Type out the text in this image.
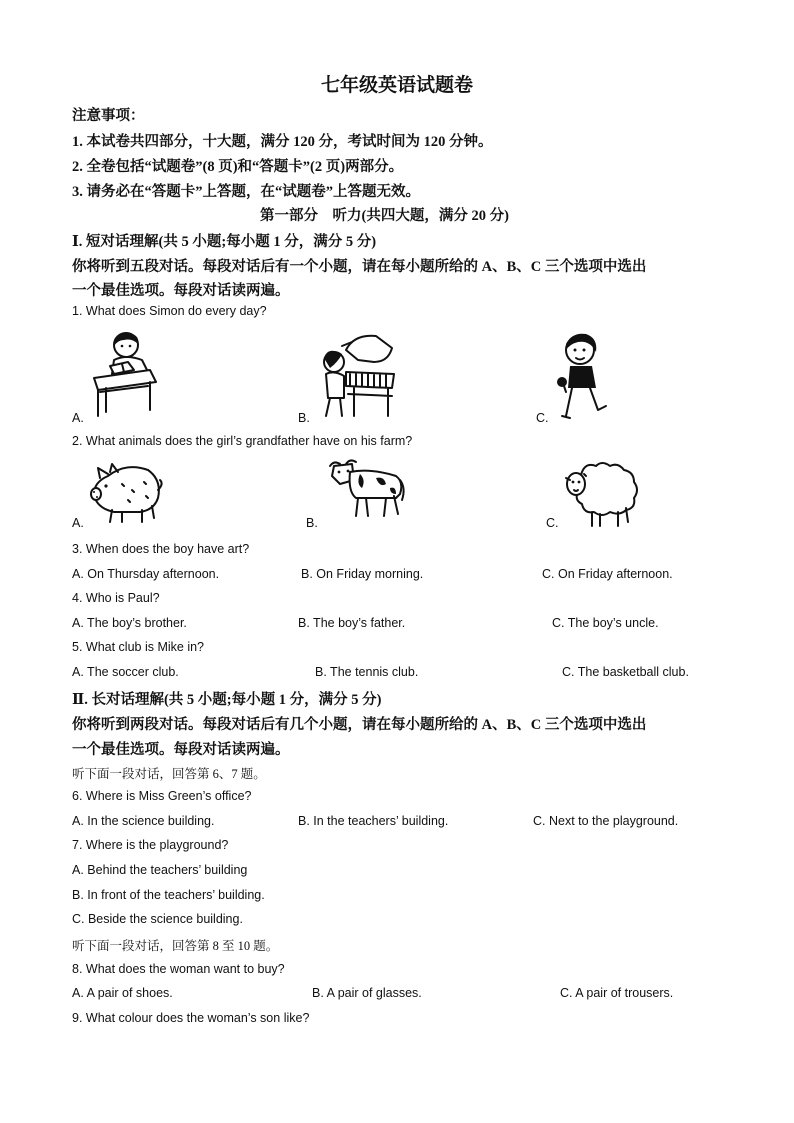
七年级英语试题卷
注意事项：
1. 本试卷共四部分，十大题，满分 120 分，考试时间为 120 分钟。
2. 全卷包括“试题卷”(8 页)和“答题卡”(2 页)两部分。
3. 请务必在“答题卡”上答题，在“试题卷”上答题无效。
第一部分　听力(共四大题，满分 20 分)
Ⅰ. 短对话理解(共 5 小题;每小题 1 分，满分 5 分)
你将听到五段对话。每段对话后有一个小题，请在每小题所给的 A、B、C 三个选项中选出
一个最佳选项。每段对话读两遍。
1. What does Simon do every day?
A.	B.	C.
2. What animals does the girl’s grandfather have on his farm?
A.	B.	C.
3. When does the boy have art?
A. On Thursday afternoon.	B. On Friday morning.	C. On Friday afternoon.
4. Who is Paul?
A. The boy’s brother.	B. The boy’s father.	C. The boy’s uncle.
5. What club is Mike in?
A. The soccer club.	B. The tennis club.	C. The basketball club.
Ⅱ. 长对话理解(共 5 小题;每小题 1 分，满分 5 分)
你将听到两段对话。每段对话后有几个小题，请在每小题所给的 A、B、C 三个选项中选出
一个最佳选项。每段对话读两遍。
听下面一段对话，回答第 6、7 题。
6. Where is Miss Green’s office?
A. In the science building.	B. In the teachers’ building.	C. Next to the playground.
7. Where is the playground?
A. Behind the teachers’ building
B. In front of the teachers’ building.
C. Beside the science building.
听下面一段对话，回答第 8 至 10 题。
8. What does the woman want to buy?
A. A pair of shoes.	B. A pair of glasses.	C. A pair of trousers.
9. What colour does the woman’s son like?
